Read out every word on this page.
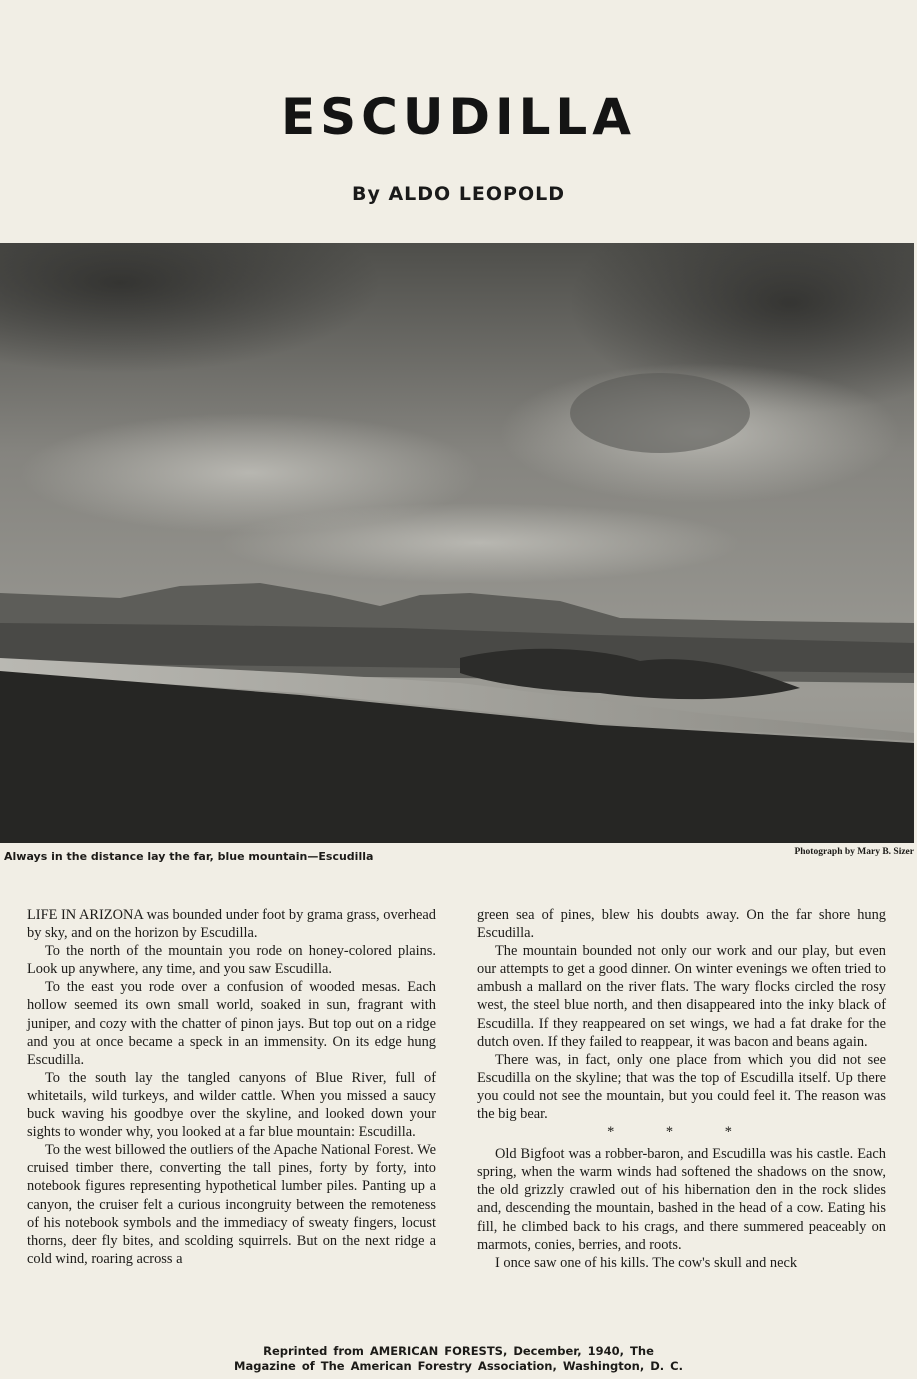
ESCUDILLA
By ALDO LEOPOLD
Always in the distance lay the far, blue mountain—Escudilla	Photograph by Mary B. Sizer

LIFE IN ARIZONA was bounded under foot by grama grass, overhead by sky, and on the horizon by Escudilla.

To the north of the mountain you rode on honey-colored plains. Look up anywhere, any time, and you saw Escudilla.

To the east you rode over a confusion of wooded mesas. Each hollow seemed its own small world, soaked in sun, fragrant with juniper, and cozy with the chatter of pinon jays. But top out on a ridge and you at once became a speck in an immensity. On its edge hung Escudilla.

To the south lay the tangled canyons of Blue River, full of whitetails, wild turkeys, and wilder cattle. When you missed a saucy buck waving his goodbye over the skyline, and looked down your sights to wonder why, you looked at a far blue mountain: Escudilla.

To the west billowed the outliers of the Apache National Forest. We cruised timber there, converting the tall pines, forty by forty, into notebook figures representing hypothetical lumber piles. Panting up a canyon, the cruiser felt a curious incongruity between the remoteness of his notebook symbols and the immediacy of sweaty fingers, locust thorns, deer fly bites, and scolding squirrels. But on the next ridge a cold wind, roaring across a

green sea of pines, blew his doubts away. On the far shore hung Escudilla.

The mountain bounded not only our work and our play, but even our attempts to get a good dinner. On winter evenings we often tried to ambush a mallard on the river flats. The wary flocks circled the rosy west, the steel blue north, and then disappeared into the inky black of Escudilla. If they reappeared on set wings, we had a fat drake for the dutch oven. If they failed to reappear, it was bacon and beans again.

There was, in fact, only one place from which you did not see Escudilla on the skyline; that was the top of Escudilla itself. Up there you could not see the mountain, but you could feel it. The reason was the big bear.

* * *

Old Bigfoot was a robber-baron, and Escudilla was his castle. Each spring, when the warm winds had softened the shadows on the snow, the old grizzly crawled out of his hibernation den in the rock slides and, descending the mountain, bashed in the head of a cow. Eating his fill, he climbed back to his crags, and there summered peaceably on marmots, conies, berries, and roots.

I once saw one of his kills. The cow's skull and neck

Reprinted from AMERICAN FORESTS, December, 1940, The
Magazine of The American Forestry Association, Washington, D. C.
